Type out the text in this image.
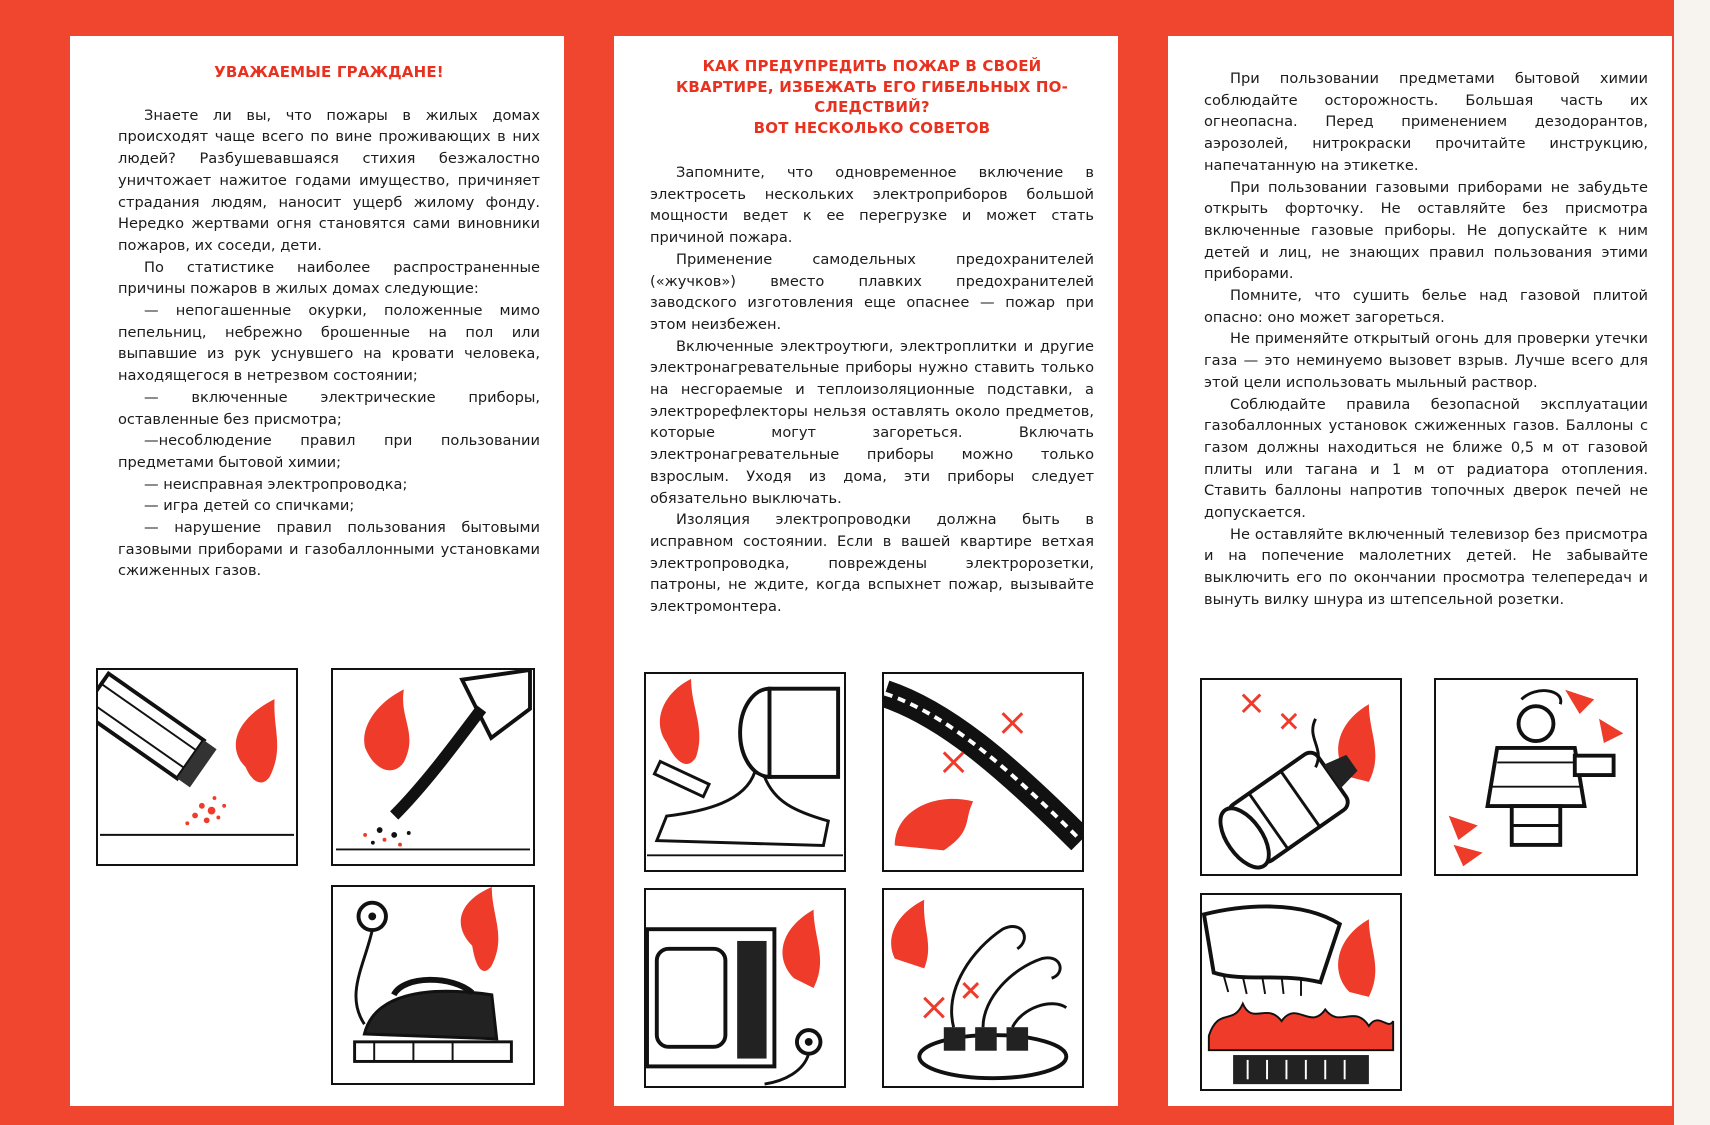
УВАЖАЕМЫЕ ГРАЖДАНЕ!

Знаете ли вы, что пожары в жилых домах происходят чаще всего по вине проживающих в них людей? Разбушевавшаяся стихия безжалостно уничтожает нажитое годами имущество, причиняет страдания людям, наносит ущерб жилому фонду. Нередко жертвами огня становятся сами виновники пожаров, их соседи, дети.

По статистике наиболее распространенные причины пожаров в жилых домах следующие:

— непогашенные окурки, положенные мимо пепельниц, небрежно брошенные на пол или выпавшие из рук уснувшего на кровати человека, находящегося в нетрезвом состоянии;

— включенные электрические приборы, оставленные без присмотра;

—несоблюдение правил при пользовании предметами бытовой химии;

— неисправная электропроводка;

— игра детей со спичками;

— нарушение правил пользования бытовыми газовыми приборами и газобаллонными установками сжиженных газов.

КАК ПРЕДУПРЕДИТЬ ПОЖАР В СВОЕЙ

КВАРТИРЕ, ИЗБЕЖАТЬ ЕГО ГИБЕЛЬНЫХ ПО-

СЛЕДСТВИЙ?

ВОТ НЕСКОЛЬКО СОВЕТОВ

Запомните, что одновременное включение в электросеть нескольких электроприборов большой мощности ведет к ее перегрузке и может стать причиной пожара.

Применение самодельных предохранителей («жучков») вместо плавких предохранителей заводского изготовления еще опаснее — пожар при этом неизбежен.

Включенные электроутюги, электроплитки и другие электронагревательные приборы нужно ставить только на несгораемые и теплоизоляционные подставки, а электрорефлекторы нельзя оставлять около предметов, которые могут загореться. Включать электронагревательные приборы можно только взрослым. Уходя из дома, эти приборы следует обязательно выключать.

Изоляция электропроводки должна быть в исправном состоянии. Если в вашей квартире ветхая электропроводка, повреждены электророзетки, патроны, не ждите, когда вспыхнет пожар, вызывайте электромонтера.

При пользовании предметами бытовой химии соблюдайте осторожность. Большая часть их огнеопасна. Перед применением дезодорантов, аэрозолей, нитрокраски прочитайте инструкцию, напечатанную на этикетке.

При пользовании газовыми приборами не забудьте открыть форточку. Не оставляйте без присмотра включенные газовые приборы. Не допускайте к ним детей и лиц, не знающих правил пользования этими приборами.

Помните, что сушить белье над газовой плитой опасно: оно может загореться.

Не применяйте открытый огонь для проверки утечки газа — это неминуемо вызовет взрыв. Лучше всего для этой цели использовать мыльный раствор.

Соблюдайте правила безопасной эксплуатации газобаллонных установок сжиженных газов. Баллоны с газом должны находиться не ближе 0,5 м от газовой плиты или тагана и 1 м от радиатора отопления. Ставить баллоны напротив топочных дверок печей не допускается.

Не оставляйте включенный телевизор без присмотра и на попечение малолетних детей. Не забывайте выключить его по окончании просмотра телепередач и вынуть вилку шнура из штепсельной розетки.
